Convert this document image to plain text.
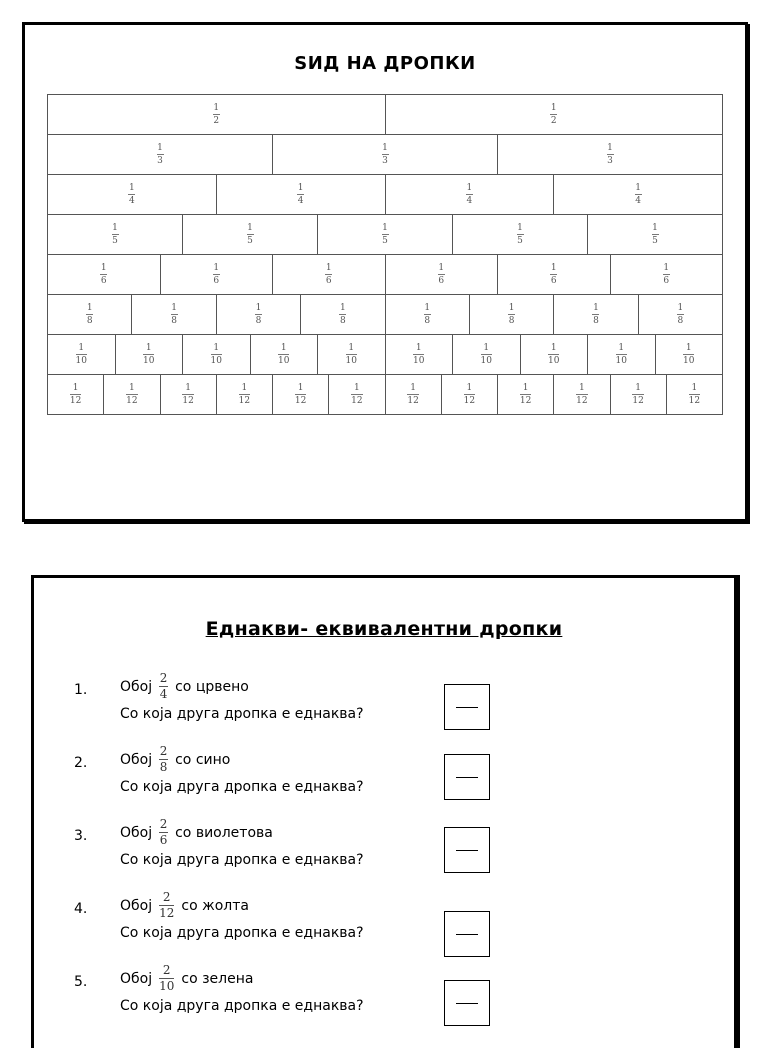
ЅИД НА ДРОПКИ
$\frac{1}{2}$	$\frac{1}{2}$
$\frac{1}{3}$	$\frac{1}{3}$	$\frac{1}{3}$
$\frac{1}{4}$	$\frac{1}{4}$	$\frac{1}{4}$	$\frac{1}{4}$
$\frac{1}{5}$	$\frac{1}{5}$	$\frac{1}{5}$	$\frac{1}{5}$	$\frac{1}{5}$
$\frac{1}{6}$	$\frac{1}{6}$	$\frac{1}{6}$	$\frac{1}{6}$	$\frac{1}{6}$	$\frac{1}{6}$
$\frac{1}{8}$	$\frac{1}{8}$	$\frac{1}{8}$	$\frac{1}{8}$	$\frac{1}{8}$	$\frac{1}{8}$	$\frac{1}{8}$	$\frac{1}{8}$
$\frac{1}{10}$	$\frac{1}{10}$	$\frac{1}{10}$	$\frac{1}{10}$	$\frac{1}{10}$	$\frac{1}{10}$	$\frac{1}{10}$	$\frac{1}{10}$	$\frac{1}{10}$	$\frac{1}{10}$
$\frac{1}{12}$	$\frac{1}{12}$	$\frac{1}{12}$	$\frac{1}{12}$	$\frac{1}{12}$	$\frac{1}{12}$	$\frac{1}{12}$	$\frac{1}{12}$	$\frac{1}{12}$	$\frac{1}{12}$	$\frac{1}{12}$	$\frac{1}{12}$
Еднакви- еквивалентни дропки
1. Обој $\frac{2}{4}$ со црвено
Со која друга дропка е еднаква?
2. Обој $\frac{2}{8}$ со сино
Со која друга дропка е еднаква?
3. Обој $\frac{2}{6}$ со виолетова
Со која друга дропка е еднаква?
4. Обој $\frac{2}{12}$ со жолта
Со која друга дропка е еднаква?
5. Обој $\frac{2}{10}$ со зелена
Со која друга дропка е еднаква?
